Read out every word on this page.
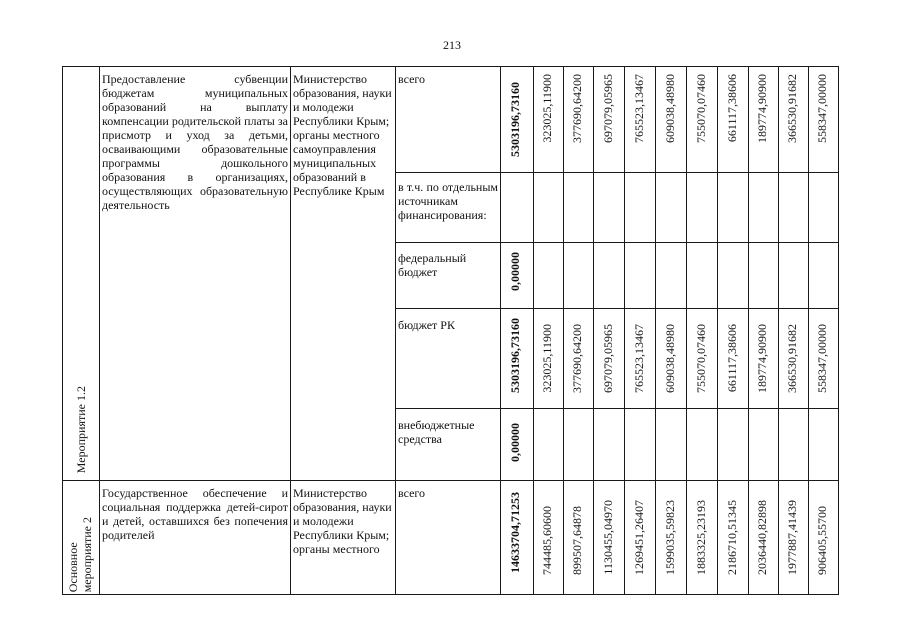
213
Мероприятие 1.2
Предоставление субвенции бюджетам муниципальных образований на выплату компенсации родительской платы за присмотр и уход за детьми, осваивающими образовательные программы дошкольного образования в организациях, осуществляющих образовательную деятельность
Министерство образования, науки и молодежи Республики Крым; органы местного самоуправления муниципальных образований в Республике Крым
всего
в т.ч. по отдельным источникам финансирования:
федеральный бюджет
бюджет РК
внебюджетные средства
5303196,73160 323025,11900 377690,64200 697079,05965 765523,13467 609038,48980 755070,07460 661117,38606 189774,90900 366530,91682 558347,00000
0,00000
5303196,73160 323025,11900 377690,64200 697079,05965 765523,13467 609038,48980 755070,07460 661117,38606 189774,90900 366530,91682 558347,00000
0,00000
Основное
мероприятие 2
Государственное обеспечение и социальная поддержка детей-сирот и детей, оставшихся без попечения родителей
Министерство образования, науки и молодежи Республики Крым; органы местного
всего	14633704,71253 744485,60600 899507,64878 1130455,04970 1269451,26407 1599035,59823 1883325,23193 2186710,51345 2036440,82898 1977887,41439 906405,55700
